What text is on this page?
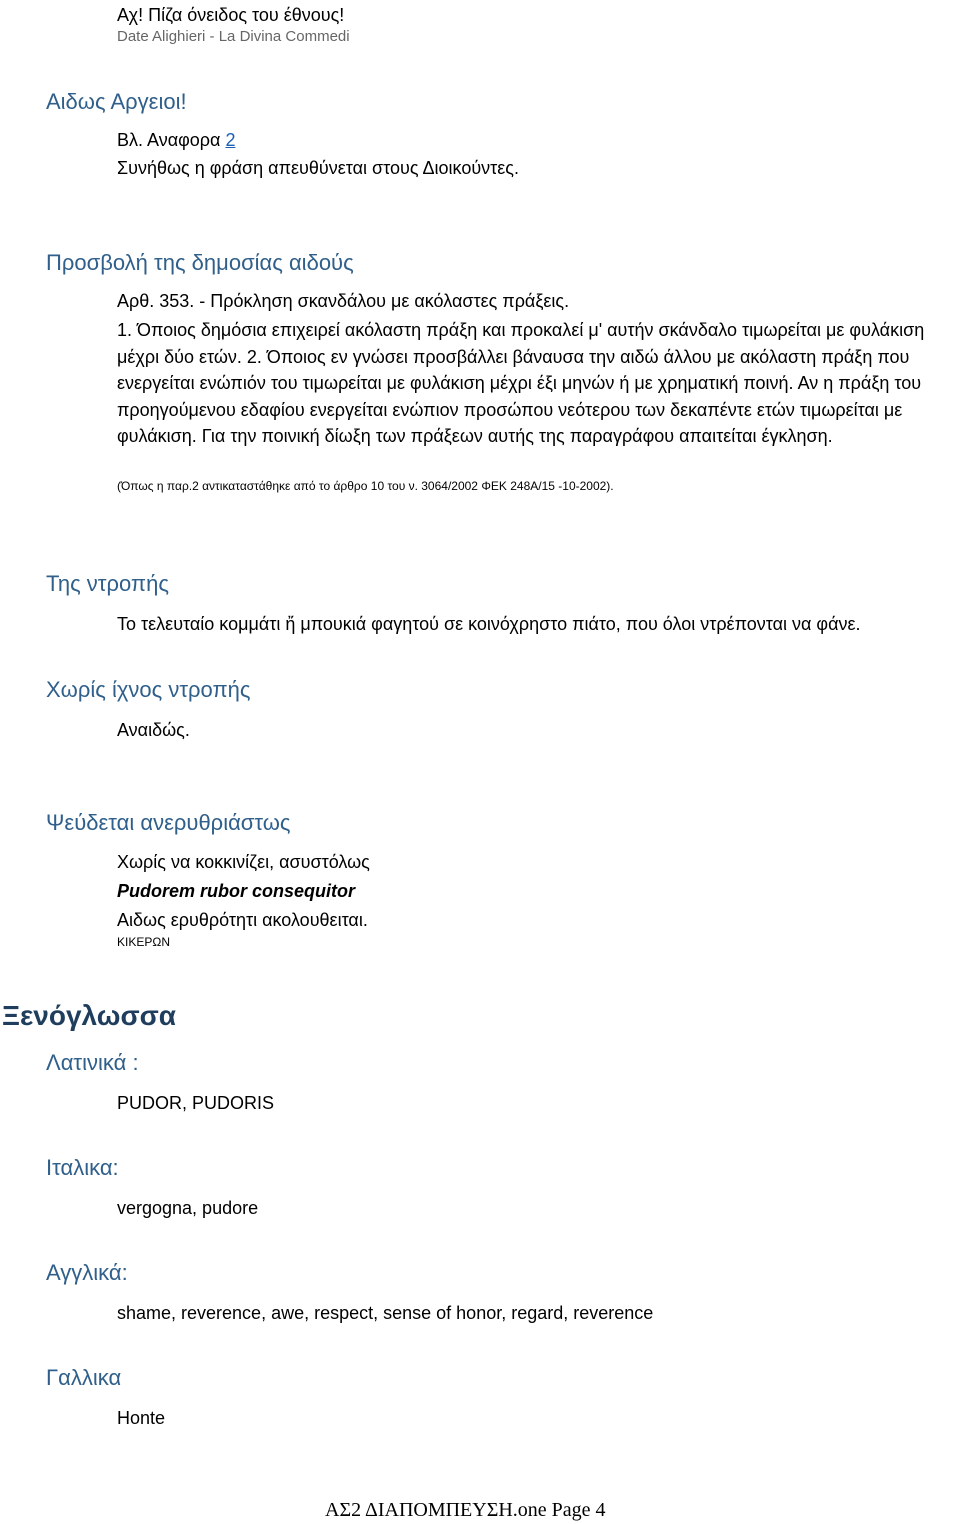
Αχ! Πίζα όνειδος του έθνους!
Date Alighieri - La Divina Commedi
Αιδως Αργειοι!
Βλ. Αναφορα 2
Συνήθως η φράση απευθύνεται στους Διοικούντες.
Προσβολή της δημοσίας αιδούς
Αρθ. 353. - Πρόκληση σκανδάλου με ακόλαστες πράξεις.
1. Όποιος δημόσια επιχειρεί ακόλαστη πράξη και προκαλεί μ' αυτήν σκάνδαλο τιμωρείται με φυλάκιση μέχρι δύο ετών. 2. Όποιος εν γνώσει προσβάλλει βάναυσα την αιδώ άλλου με ακόλαστη πράξη που ενεργείται ενώπιόν του τιμωρείται με φυλάκιση μέχρι έξι μηνών ή με χρηματική ποινή. Αν η πράξη του προηγούμενου εδαφίου ενεργείται ενώπιον προσώπου νεότερου των δεκαπέντε ετών τιμωρείται με φυλάκιση. Για την ποινική δίωξη των πράξεων αυτής της παραγράφου απαιτείται έγκληση.
(Όπως η παρ.2 αντικαταστάθηκε από το άρθρο 10 του ν. 3064/2002 ΦΕΚ 248Α/15 -10-2002).
Της ντροπής
Το τελευταίο κομμάτι ἤ μπουκιά φαγητού σε κοινόχρηστο πιάτο, που όλοι ντρέπονται να φάνε.
Χωρίς ίχνος ντροπής
Αναιδώς.
Ψεύδεται ανερυθριάστως
Χωρίς να κοκκινίζει, ασυστόλως
Pudorem rubor consequitor
Αιδως ερυθρότητι ακολουθειται.
ΚΙΚΕΡΩΝ
Ξενόγλωσσα
Λατινικά :
PUDOR, PUDORIS
Ιταλικα:
vergogna, pudore
Αγγλικά:
shame, reverence, awe, respect, sense of honor, regard, reverence
Γαλλικα
Honte
ΑΣ2 ΔΙΑΠΟΜΠΕΥΣΗ.one Page 4
